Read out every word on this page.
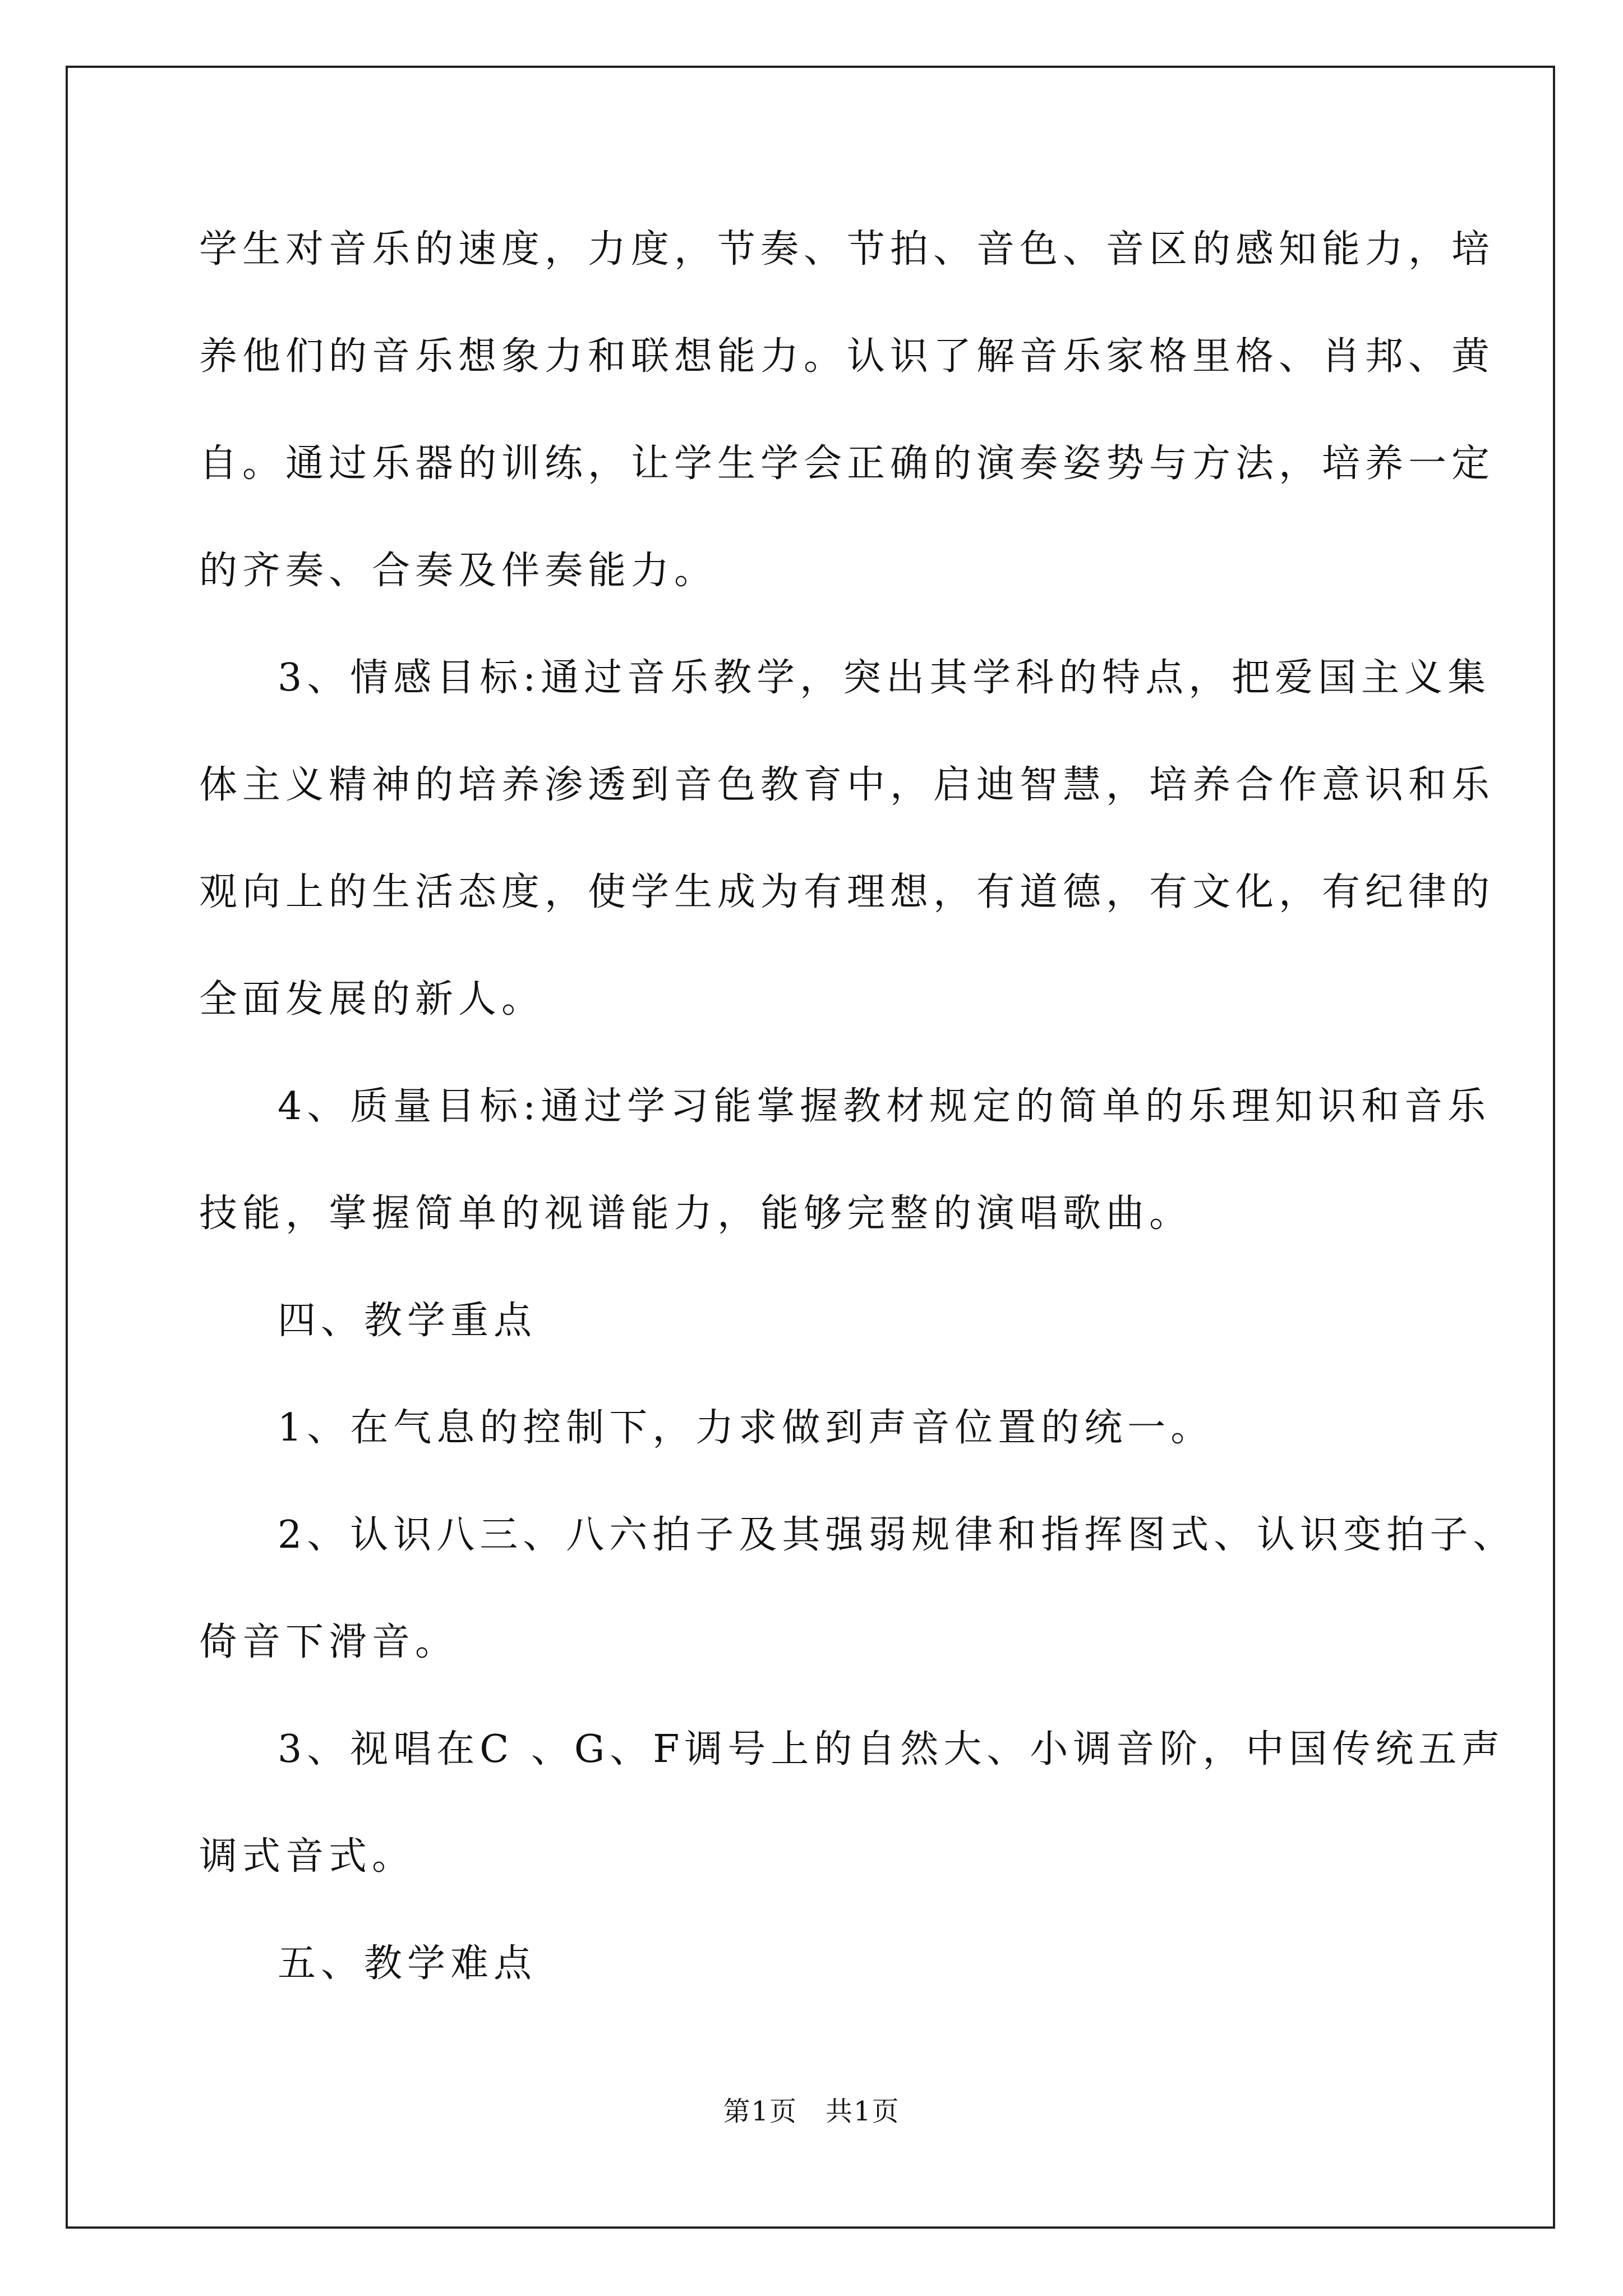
学生对音乐的速度，力度，节奏、节拍、音色、音区的感知能力，培

养他们的音乐想象力和联想能力。认识了解音乐家格里格、肖邦、黄

自。通过乐器的训练，让学生学会正确的演奏姿势与方法，培养一定

的齐奏、合奏及伴奏能力。

3、情感目标:通过音乐教学，突出其学科的特点，把爱国主义集

体主义精神的培养渗透到音色教育中，启迪智慧，培养合作意识和乐

观向上的生活态度，使学生成为有理想，有道德，有文化，有纪律的

全面发展的新人。

4、质量目标:通过学习能掌握教材规定的简单的乐理知识和音乐

技能，掌握简单的视谱能力，能够完整的演唱歌曲。

四、教学重点

1、在气息的控制下，力求做到声音位置的统一。

2、认识八三、八六拍子及其强弱规律和指挥图式、认识变拍子、

倚音下滑音。

3、视唱在C 、G、F调号上的自然大、小调音阶，中国传统五声

调式音式。

五、教学难点

第1页　共1页
